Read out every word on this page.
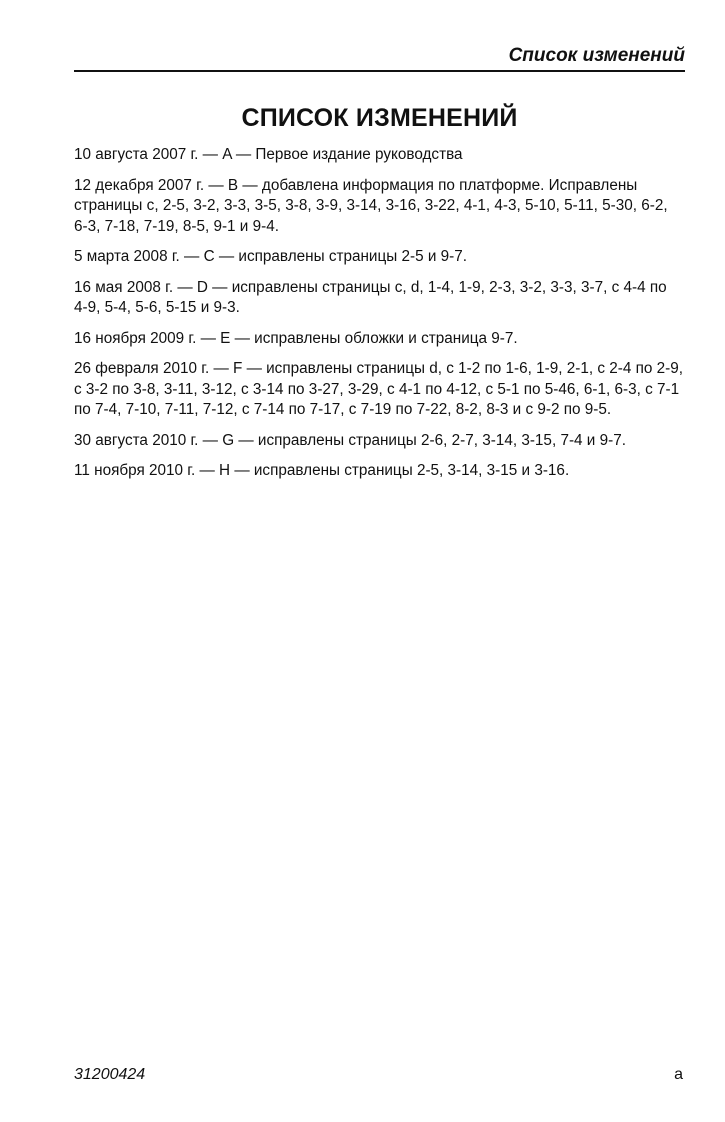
Список изменений
СПИСОК ИЗМЕНЕНИЙ
10 августа 2007 г. — A — Первое издание руководства
12 декабря 2007 г. — B — добавлена информация по платформе. Исправлены страницы c, 2-5, 3-2, 3-3, 3-5, 3-8, 3-9, 3-14, 3-16, 3-22, 4-1, 4-3, 5-10, 5-11, 5-30, 6-2, 6-3, 7-18, 7-19, 8-5, 9-1 и 9-4.
5 марта 2008 г. — C — исправлены страницы 2-5 и 9-7.
16 мая 2008 г. — D — исправлены страницы c, d, 1-4, 1-9, 2-3, 3-2, 3-3, 3-7, с 4-4 по 4-9, 5-4, 5-6, 5-15 и 9-3.
16 ноября 2009 г. — E — исправлены обложки и страница 9-7.
26 февраля 2010 г. — F — исправлены страницы d, с 1-2 по 1-6, 1-9, 2-1, с 2-4 по 2-9, с 3-2 по 3-8, 3-11, 3-12, с 3-14 по 3-27, 3-29, с 4-1 по 4-12, с 5-1 по 5-46, 6-1, 6-3, с 7-1 по 7-4, 7-10, 7-11, 7-12, с 7-14 по 7-17, с 7-19 по 7-22, 8-2, 8-3 и с 9-2 по 9-5.
30 августа 2010 г. — G — исправлены страницы 2-6, 2-7, 3-14, 3-15, 7-4 и 9-7.
11 ноября 2010 г. — H — исправлены страницы 2-5, 3-14, 3-15 и 3-16.
31200424	a
